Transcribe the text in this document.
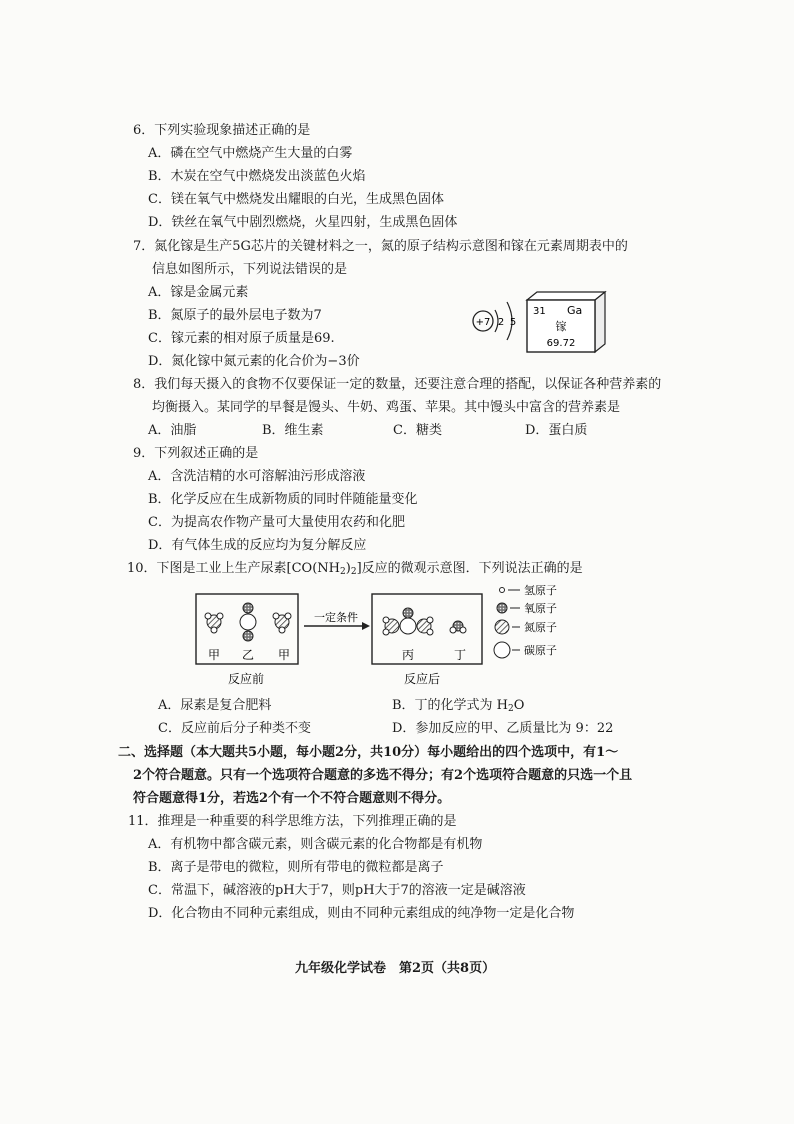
6．下列实验现象描述正确的是
A．磷在空气中燃烧产生大量的白雾
B．木炭在空气中燃烧发出淡蓝色火焰
C．镁在氧气中燃烧发出耀眼的白光，生成黑色固体
D．铁丝在氧气中剧烈燃烧，火星四射，生成黑色固体
7．氮化镓是生产5G芯片的关键材料之一，氮的原子结构示意图和镓在元素周期表中的
信息如图所示，下列说法错误的是
A．镓是金属元素
B．氮原子的最外层电子数为7
C．镓元素的相对原子质量是69.
D．氮化镓中氮元素的化合价为−3价
+7 2 5
31 Ga
镓
69.72
8．我们每天摄入的食物不仅要保证一定的数量，还要注意合理的搭配，以保证各种营养素的
均衡摄入。某同学的早餐是馒头、牛奶、鸡蛋、苹果。其中馒头中富含的营养素是
A．油脂	B．维生素	C．糖类	D．蛋白质
9．下列叙述正确的是
A．含洗洁精的水可溶解油污形成溶液
B．化学反应在生成新物质的同时伴随能量变化
C．为提高农作物产量可大量使用农药和化肥
D．有气体生成的反应均为复分解反应
10．下图是工业上生产尿素$[CO(NH_2)_2]$反应的微观示意图．下列说法正确的是
甲 乙 甲
反应前
一定条件
丙	丁
反应后
氢原子
氧原子
氮原子
碳原子
A．尿素是复合肥料	B．丁的化学式为 $H_2O$
C．反应前后分子种类不变	D．参加反应的甲、乙质量比为 9：22
二、选择题（本大题共5小题，每小题2分，共10分）每小题给出的四个选项中，有1～
2个符合题意。只有一个选项符合题意的多选不得分；有2个选项符合题意的只选一个且
符合题意得1分，若选2个有一个不符合题意则不得分。
11．推理是一种重要的科学思维方法，下列推理正确的是
A．有机物中都含碳元素，则含碳元素的化合物都是有机物
B．离子是带电的微粒，则所有带电的微粒都是离子
C．常温下，碱溶液的pH大于7，则pH大于7的溶液一定是碱溶液
D．化合物由不同种元素组成，则由不同种元素组成的纯净物一定是化合物
九年级化学试卷　第2页（共8页）
